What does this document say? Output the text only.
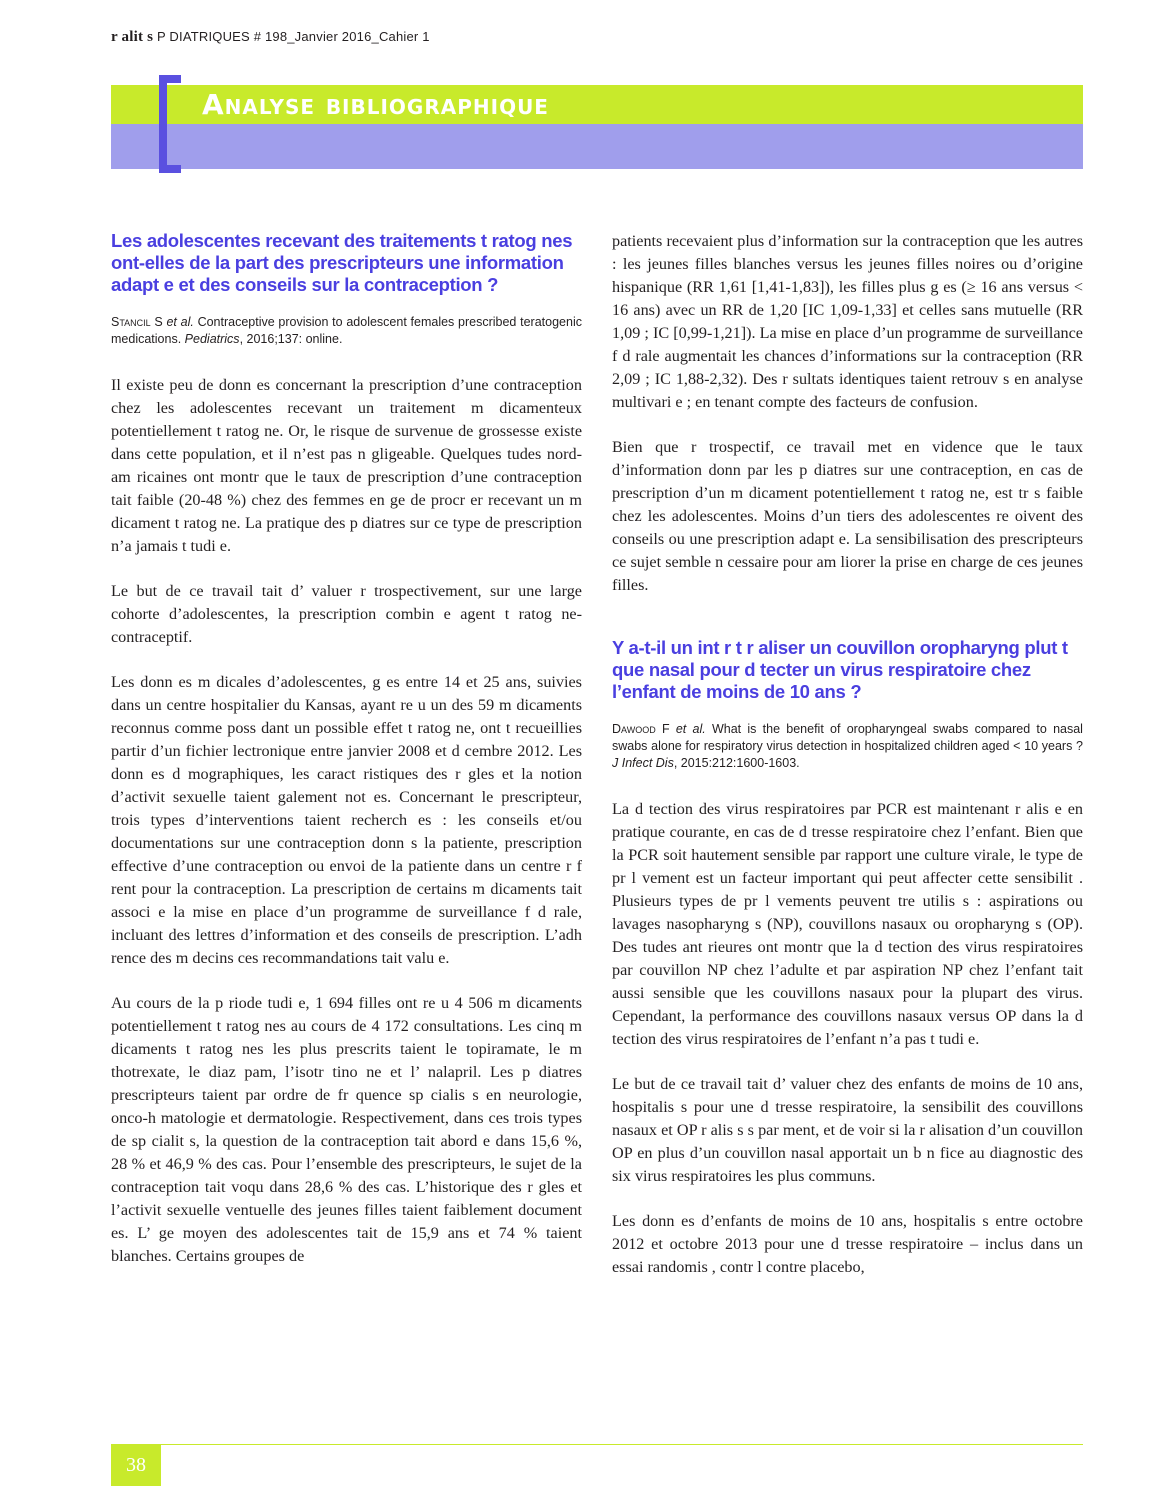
r alit s P DIATRIQUES # 198_Janvier 2016_Cahier 1
Analyse bibliographique
Les adolescentes recevant des traitements t ratog nes ont-elles de la part des prescripteurs une information adapt e et des conseils sur la contraception ?
Stancil S et al. Contraceptive provision to adolescent females prescribed teratogenic medications. Pediatrics, 2016;137: online.

Il existe peu de donn es concernant la prescription d’une contraception chez les adolescentes recevant un traitement m dicamenteux potentiellement t ratog ne. Or, le risque de survenue de grossesse existe dans cette population, et il n’est pas n gligeable. Quelques tudes nord-am ricaines ont montr que le taux de prescription d’une contraception tait faible (20-48 %) chez des femmes en ge de procr er recevant un m dicament t ratog ne. La pratique des p diatres sur ce type de prescription n’a jamais t tudi e.

Le but de ce travail tait d’ valuer r trospectivement, sur une large cohorte d’adolescentes, la prescription combin e agent t ratog ne-contraceptif.

Les donn es m dicales d’adolescentes, g es entre 14 et 25 ans, suivies dans un centre hospitalier du Kansas, ayant re u un des 59 m dicaments reconnus comme poss dant un possible effet t ratog ne, ont t recueillies partir d’un fichier lectronique entre janvier 2008 et d cembre 2012. Les donn es d mographiques, les caract ristiques des r gles et la notion d’activit sexuelle taient galement not es. Concernant le prescripteur, trois types d’interventions taient recherch es : les conseils et/ou documentations sur une contraception donn s la patiente, prescription effective d’une contraception ou envoi de la patiente dans un centre r f rent pour la contraception. La prescription de certains m dicaments tait associ e la mise en place d’un programme de surveillance f d rale, incluant des lettres d’information et des conseils de prescription. L’adh rence des m decins ces recommandations tait valu e.

Au cours de la p riode tudi e, 1 694 filles ont re u 4 506 m dicaments potentiellement t ratog nes au cours de 4 172 consultations. Les cinq m dicaments t ratog nes les plus prescrits taient le topiramate, le m thotrexate, le diaz pam, l’isotr tino ne et l’ nalapril. Les p diatres prescripteurs taient par ordre de fr quence sp cialis s en neurologie, onco-h matologie et dermatologie. Respectivement, dans ces trois types de sp cialit s, la question de la contraception tait abord e dans 15,6 %, 28 % et 46,9 % des cas. Pour l’ensemble des prescripteurs, le sujet de la contraception tait voqu dans 28,6 % des cas. L’historique des r gles et l’activit sexuelle ventuelle des jeunes filles taient faiblement document es. L’ ge moyen des adolescentes tait de 15,9 ans et 74 % taient blanches. Certains groupes de

patients recevaient plus d’information sur la contraception que les autres : les jeunes filles blanches versus les jeunes filles noires ou d’origine hispanique (RR 1,61 [1,41-1,83]), les filles plus g es (≥ 16 ans versus < 16 ans) avec un RR de 1,20 [IC 1,09-1,33] et celles sans mutuelle (RR 1,09 ; IC [0,99-1,21]). La mise en place d’un programme de surveillance f d rale augmentait les chances d’informations sur la contraception (RR 2,09 ; IC 1,88-2,32). Des r sultats identiques taient retrouv s en analyse multivari e ; en tenant compte des facteurs de confusion.

Bien que r trospectif, ce travail met en vidence que le taux d’information donn par les p diatres sur une contraception, en cas de prescription d’un m dicament potentiellement t ratog ne, est tr s faible chez les adolescentes. Moins d’un tiers des adolescentes re oivent des conseils ou une prescription adapt e. La sensibilisation des prescripteurs ce sujet semble n cessaire pour am liorer la prise en charge de ces jeunes filles.

Y a-t-il un int r t r aliser un couvillon oropharyng plut t que nasal pour d tecter un virus respiratoire chez l’enfant de moins de 10 ans ?
Dawood F et al. What is the benefit of oropharyngeal swabs compared to nasal swabs alone for respiratory virus detection in hospitalized children aged < 10 years ? J Infect Dis, 2015:212:1600-1603.

La d tection des virus respiratoires par PCR est maintenant r alis e en pratique courante, en cas de d tresse respiratoire chez l’enfant. Bien que la PCR soit hautement sensible par rapport une culture virale, le type de pr l vement est un facteur important qui peut affecter cette sensibilit . Plusieurs types de pr l vements peuvent tre utilis s : aspirations ou lavages nasopharyng s (NP), couvillons nasaux ou oropharyng s (OP). Des tudes ant rieures ont montr que la d tection des virus respiratoires par couvillon NP chez l’adulte et par aspiration NP chez l’enfant tait aussi sensible que les couvillons nasaux pour la plupart des virus. Cependant, la performance des couvillons nasaux versus OP dans la d tection des virus respiratoires de l’enfant n’a pas t tudi e.

Le but de ce travail tait d’ valuer chez des enfants de moins de 10 ans, hospitalis s pour une d tresse respiratoire, la sensibilit des couvillons nasaux et OP r alis s s par ment, et de voir si la r alisation d’un couvillon OP en plus d’un couvillon nasal apportait un b n fice au diagnostic des six virus respiratoires les plus communs.

Les donn es d’enfants de moins de 10 ans, hospitalis s entre octobre 2012 et octobre 2013 pour une d tresse respiratoire – inclus dans un essai randomis , contr l contre placebo,

38
